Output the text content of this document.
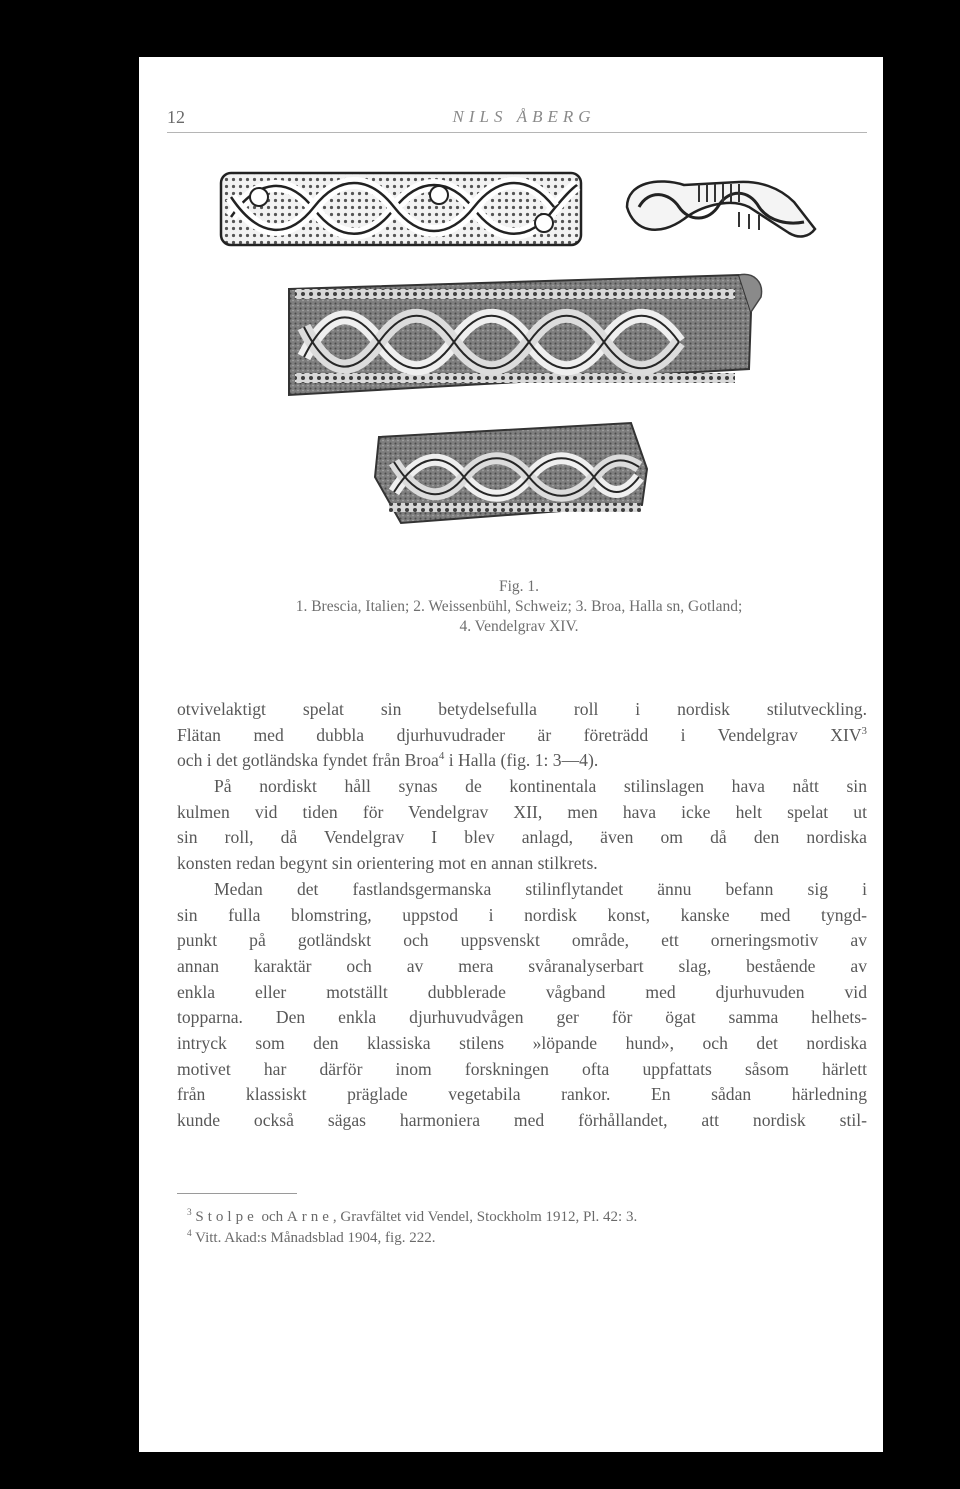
12	NILS ÅBERG
Fig. 1.
1. Brescia, Italien; 2. Weissenbühl, Schweiz; 3. Broa, Halla sn, Gotland;
4. Vendelgrav XIV.
otvivelaktigt spelat sin betydelsefulla roll i nordisk stilutveckling.
Flätan med dubbla djurhuvudrader är företrädd i Vendelgrav XIV$^3$
och i det gotländska fyndet från Broa$^4$ i Halla (fig. 1: 3—4).
På nordiskt håll synas de kontinentala stilinslagen hava nått sin
kulmen vid tiden för Vendelgrav XII, men hava icke helt spelat ut
sin roll, då Vendelgrav I blev anlagd, även om då den nordiska
konsten redan begynt sin orientering mot en annan stilkrets.
Medan det fastlandsgermanska stilinflytandet ännu befann sig i
sin fulla blomstring, uppstod i nordisk konst, kanske med tyngd-
punkt på gotländskt och uppsvenskt område, ett orneringsmotiv av
annan karaktär och av mera svåranalyserbart slag, bestående av
enkla eller motställt dubblerade vågband med djurhuvuden vid
topparna. Den enkla djurhuvudvågen ger för ögat samma helhets-
intryck som den klassiska stilens »löpande hund», och det nordiska
motivet har därför inom forskningen ofta uppfattats såsom härlett
från klassiskt präglade vegetabila rankor. En sådan härledning
kunde också sägas harmoniera med förhållandet, att nordisk stil-
$^3$ Stolpe och Arne, Gravfältet vid Vendel, Stockholm 1912, Pl. 42: 3.
$^4$ Vitt. Akad:s Månadsblad 1904, fig. 222.
